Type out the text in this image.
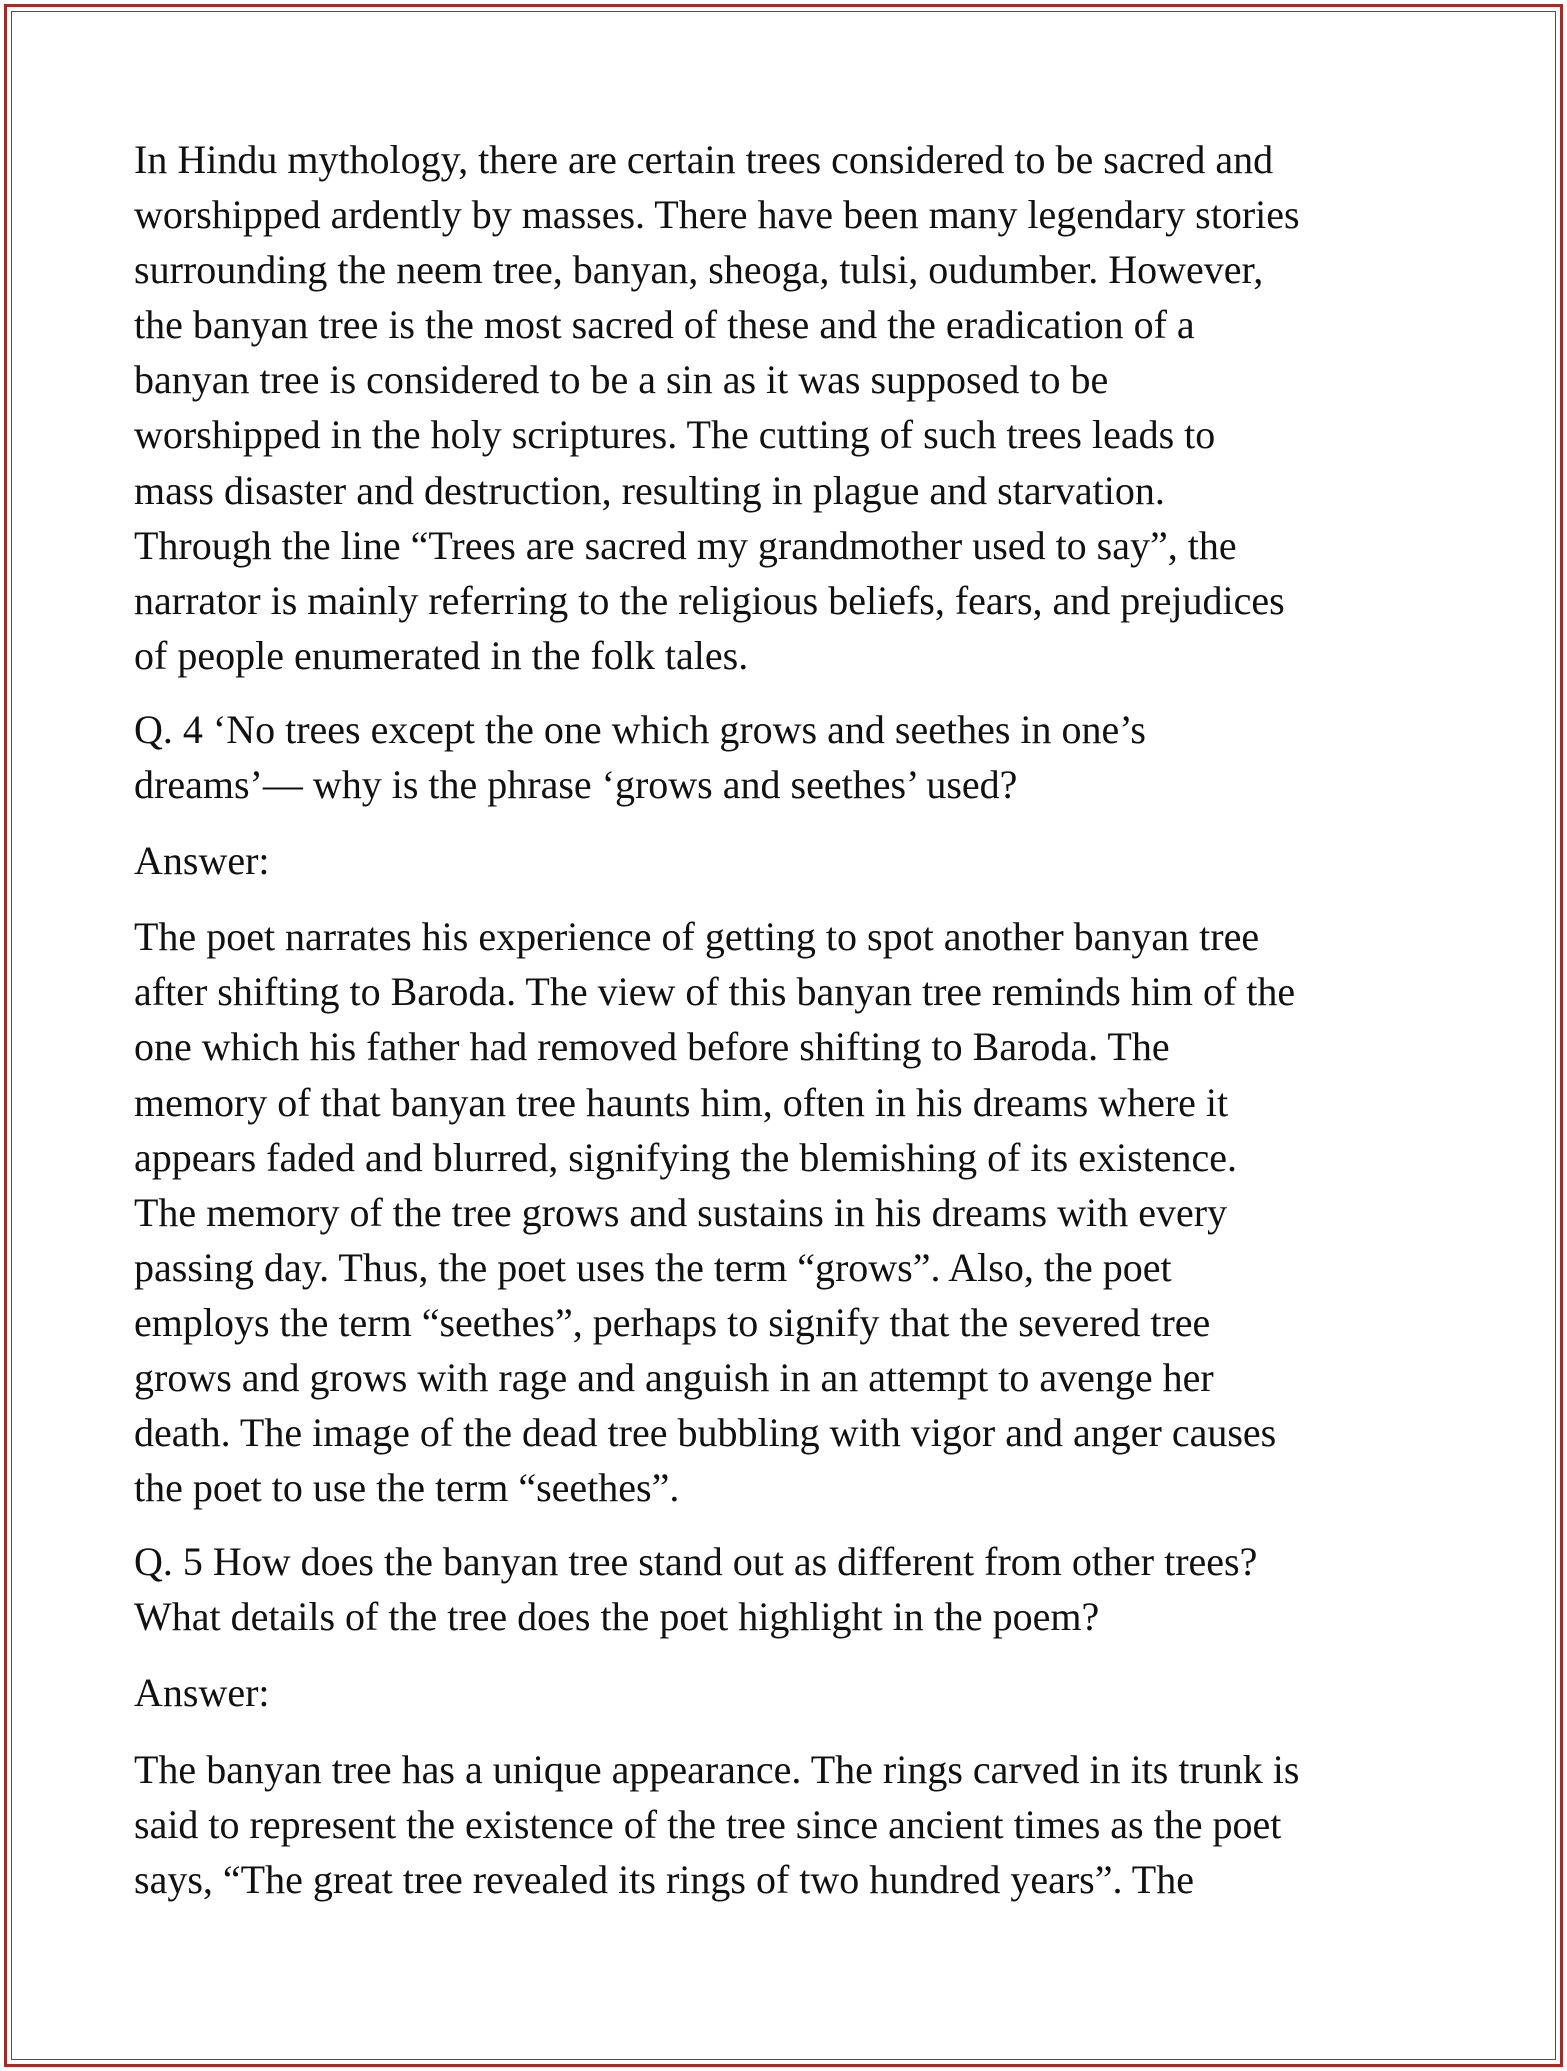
In Hindu mythology, there are certain trees considered to be sacred and
worshipped ardently by masses. There have been many legendary stories
surrounding the neem tree, banyan, sheoga, tulsi, oudumber. However,
the banyan tree is the most sacred of these and the eradication of a
banyan tree is considered to be a sin as it was supposed to be
worshipped in the holy scriptures. The cutting of such trees leads to
mass disaster and destruction, resulting in plague and starvation.
Through the line “Trees are sacred my grandmother used to say”, the
narrator is mainly referring to the religious beliefs, fears, and prejudices
of people enumerated in the folk tales.

Q. 4 ‘No trees except the one which grows and seethes in one’s
dreams’— why is the phrase ‘grows and seethes’ used?

Answer:

The poet narrates his experience of getting to spot another banyan tree
after shifting to Baroda. The view of this banyan tree reminds him of the
one which his father had removed before shifting to Baroda. The
memory of that banyan tree haunts him, often in his dreams where it
appears faded and blurred, signifying the blemishing of its existence.
The memory of the tree grows and sustains in his dreams with every
passing day. Thus, the poet uses the term “grows”. Also, the poet
employs the term “seethes”, perhaps to signify that the severed tree
grows and grows with rage and anguish in an attempt to avenge her
death. The image of the dead tree bubbling with vigor and anger causes
the poet to use the term “seethes”.

Q. 5 How does the banyan tree stand out as different from other trees?
What details of the tree does the poet highlight in the poem?

Answer:

The banyan tree has a unique appearance. The rings carved in its trunk is
said to represent the existence of the tree since ancient times as the poet
says, “The great tree revealed its rings of two hundred years”. The
